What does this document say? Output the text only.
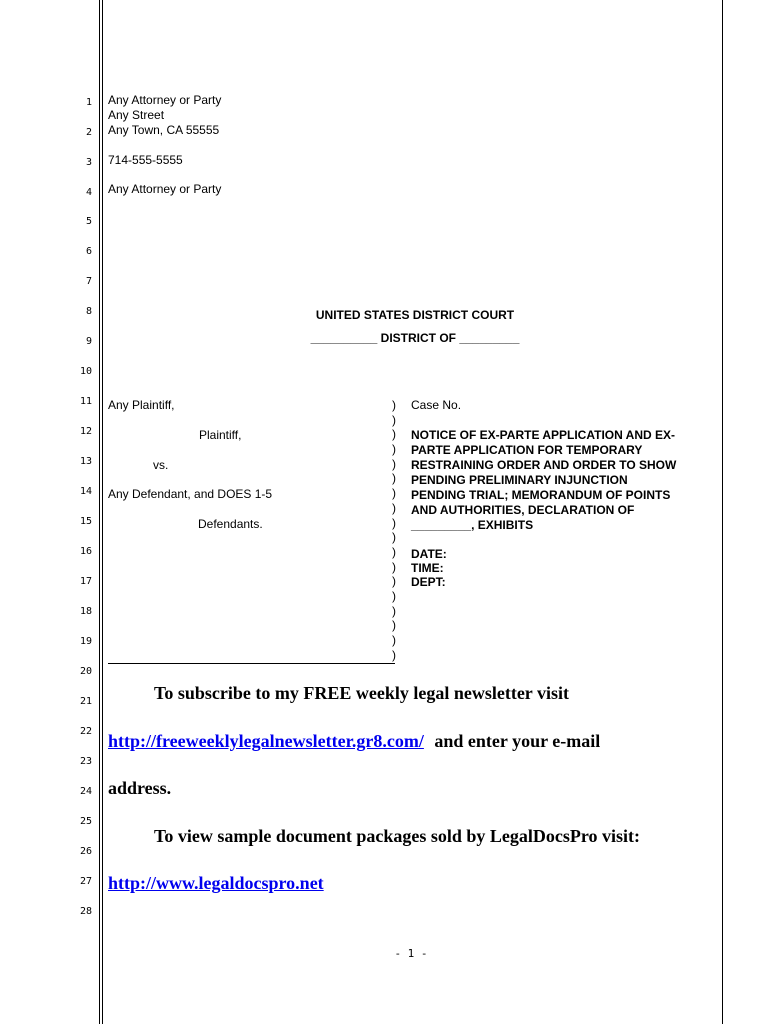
1
2
3
4
5
6
7
8
9
10
11
12
13
14
15
16
17
18
19
20
21
22
23
24
25
26
27
28
Any Attorney or Party
Any Street
Any Town, CA 55555
714-555-5555
Any Attorney or Party
UNITED STATES DISTRICT COURT
__________ DISTRICT OF _________
Any Plaintiff,
Plaintiff,
vs.
Any Defendant, and DOES 1-5
Defendants.
)
)
)
)
)
)
)
)
)
)
)
)
)
)
)
)
)
)
Case No.
NOTICE OF EX-PARTE APPLICATION AND EX-
PARTE APPLICATION FOR TEMPORARY
RESTRAINING ORDER AND ORDER TO SHOW
PENDING PRELIMINARY INJUNCTION
PENDING TRIAL; MEMORANDUM OF POINTS
AND AUTHORITIES, DECLARATION OF
_________, EXHIBITS
DATE:
TIME:
DEPT:
To subscribe to my FREE weekly legal newsletter visit
http://freeweeklylegalnewsletter.gr8.com/ and enter your e-mail
address.
To view sample document packages sold by LegalDocsPro visit:
http://www.legaldocspro.net
- 1 -
